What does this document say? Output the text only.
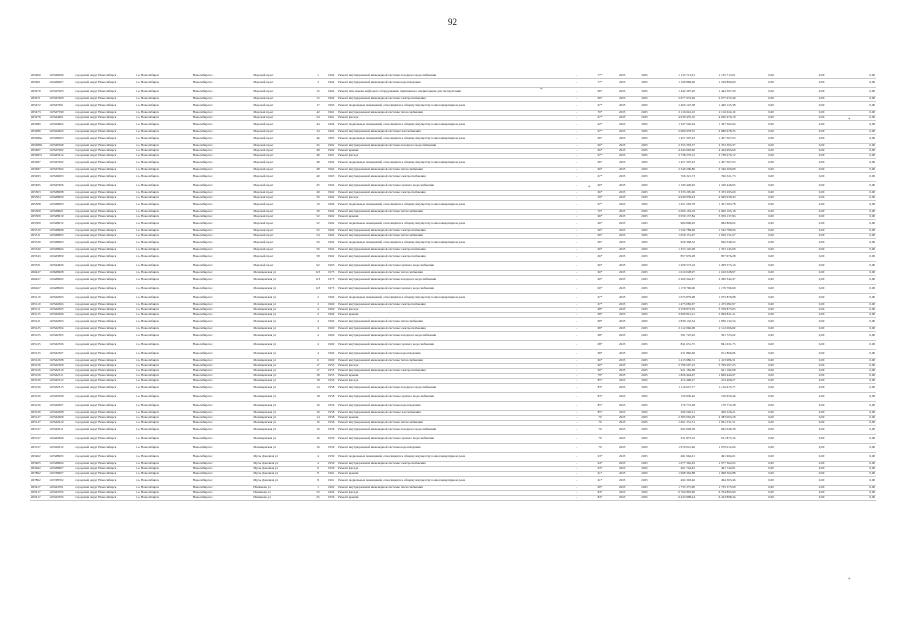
92
#05460	1105#6006	городской округ Новосибирск	г.о. Новосибирск	Новосибирск г.	Морской пр-кт	1	1964	Ремонт внутридомовой инженерной системы холодного водоснабжения	-	77*	2025	2025	1 135 713,01	1 135 713,01	0,00	0,00	0,00
#05461	1104#6007	городской округ Новосибирск	г.о. Новосибирск	Новосибирск г.	Морской пр-кт	3	1964	Ремонт внутридомовой инженерной системы водоотведения	-	77*	2025	2025	1 109 899,60	1 109 899,60	0,00	0,00	0,00
#05470	1105#7603	городской округ Новосибирск	г.о. Новосибирск	Новосибирск г.	Морской пр-кт	12	1962	Ремонт или замена лифтового оборудования, признанного непригодным для эксплуатации	-	66*	2025	2025	1 442 397,20	1 442 397,20	0,00	0,00	0,00
#05471	1105#7600	городской округ Новосибирск	г.о. Новосибирск	Новосибирск г.	Морской пр-кт	15	1962	Ремонт внутридомовой инженерной системы электроснабжения	-	66*	2025	2025	2 077 972,49	2 077 972,49	0,00	0,00	0,00
#05472	1105#7601	городской округ Новосибирск	г.о. Новосибирск	Новосибирск г.	Морской пр-кт	17	1963	Ремонт подвальных помещений, относящихся к общему имуществу в многоквартирном доме	-	67*	2025	2025	1 460 125,38	1 460 125,38	0,00	0,00	0,00
#05473	1105#7599	городской округ Новосибирск	г.о. Новосибирск	Новосибирск г.	Морской пр-кт	42	1961	Ремонт внутридомовой инженерной системы теплоснабжения	-	70*	2025	2025	2 116 624,10	2 116 624,10	0,00	0,00	0,00
#05478	1105#4601	городской округ Новосибирск	г.о. Новосибирск	Новосибирск г.	Морской пр-кт	24	1961	Ремонт фасада	-	67*	2025	2025	4 030 470,10	4 030 470,10	0,00	0,00	0,00
#05480	1105#4602	городской округ Новосибирск	г.о. Новосибирск	Новосибирск г.	Морской пр-кт	44	1964	Ремонт подвальных помещений, относящихся к общему имуществу в многоквартирном доме	-	62*	2025	2025	1 347 562,04	1 347 562,04	0,00	0,00	0,00
#05486	1105#4603	городской округ Новосибирск	г.о. Новосибирск	Новосибирск г.	Морской пр-кт	34	1962	Ремонт внутридомовой инженерной системы газоснабжения	-	67*	2025	2025	2 080 978,35	2 080 978,35	0,00	0,00	0,00
#05486а	1105#6003	городской округ Новосибирск	г.о. Новосибирск	Новосибирск г.	Морской пр-кт	46	1963	Ремонт подвальных помещений, относящихся к общему имуществу в многоквартирном доме	-	66*	2025	2025	1 457 307,03	1 457 307,03	0,00	0,00	0,00
#05486б	1105#6599	городской округ Новосибирск	г.о. Новосибирск	Новосибирск г.	Морской пр-кт	45	1962	Ремонт внутридомовой инженерной системы холодного водоснабжения	-	66*	2025	2025	2 353 303,37	2 353 303,37	0,00	0,00	0,00
#05487	1105#7602	городской округ Новосибирск	г.о. Новосибирск	Новосибирск г.	Морской пр-кт	48	1962	Ремонт крыши	-	66*	2025	2025	4 444 993,60	4 444 993,60	0,00	0,00	0,00
#05487а	1104#5614	городской округ Новосибирск	г.о. Новосибирск	Новосибирск г.	Морской пр-кт	49	1961	Ремонт фасада	-	67*	2025	2025	3 738 276,12	3 738 276,12	0,00	0,00	0,00
#05487	1105#7602	городской округ Новосибирск	г.о. Новосибирск	Новосибирск г.	Морской пр-кт	48	1962	Ремонт подвальных помещений, относящихся к общему имуществу в многоквартирном доме	-	66*	2025	2025	1 457 307,03	1 457 307,03	0,00	0,00	0,00
#05487	1105#7604	городской округ Новосибирск	г.о. Новосибирск	Новосибирск г.	Морской пр-кт	48	1962	Ремонт внутридомовой инженерной системы теплоснабжения	-	66*	2025	2025	2 540 206,89	2 540 206,89	0,00	0,00	0,00
#05493	1105#6003	городской округ Новосибирск	г.о. Новосибирск	Новосибирск г.	Морской пр-кт	49	1963	Ремонт внутридомовой инженерной системы электроснабжения	-	67*	2025	2025	766 321,73	766 321,73	0,00	0,00	0,00
#05495	1105#7606	городской округ Новосибирск	г.о. Новосибирск	Новосибирск г.	Морской пр-кт	45	1962	Ремонт внутридомовой инженерной системы горячего водоснабжения	-	66*	2025	2025	1 190 449,65	1 190 449,65	0,00	0,00	0,00
#05503	1105#8008	городской округ Новосибирск	г.о. Новосибирск	Новосибирск г.	Морской пр-кт	49	1962	Ремонт внутридомовой инженерной системы электроснабжения	-	66*	2025	2025	3 333 295,60	3 333 295,60	0,00	0,00	0,00
#05504	1104#8000	городской округ Новосибирск	г.о. Новосибирск	Новосибирск г.	Морской пр-кт	50	1962	Ремонт фасада	-	59*	2025	2025	4 949 939,43	4 949 939,43	0,00	0,00	0,00
#05508	1105#8603	городской округ Новосибирск	г.о. Новосибирск	Новосибирск г.	Морской пр-кт	10	1960	Ремонт подвальных помещений, относящихся к общему имуществу в многоквартирном доме	-	67*	2025	2025	1 451 593,78	1 451 593,78	0,00	0,00	0,00
#05509	1105#8001	городской округ Новосибирск	г.о. Новосибирск	Новосибирск г.	Морской пр-кт	30	1962	Ремонт внутридомовой инженерной системы теплоснабжения	-	70*	2025	2025	2 006 163,18	2 006 163,18	0,00	0,00	0,00
#05509	1105#8010	городской округ Новосибирск	г.о. Новосибирск	Новосибирск г.	Морской пр-кт	52	1962	Ремонт крыши	-	66*	2025	2025	3 059 137,84	3 059 137,84	0,00	0,00	0,00
#05509	1105#8012	городской округ Новосибирск	г.о. Новосибирск	Новосибирск г.	Морской пр-кт	52	1962	Ремонт подвальных помещений, относящихся к общему имуществу в многоквартирном доме	-	66*	2025	2025	984 806,02	984 806,02	0,00	0,00	0,00
#05510	1105#8608	городской округ Новосибирск	г.о. Новосибирск	Новосибирск г.	Морской пр-кт	52	1962	Ремонт внутридомовой инженерной системы электроснабжения	-	66*	2025	2025	1 542 789,66	1 542 789,66	0,00	0,00	0,00
#05511	1105#8605	городской округ Новосибирск	г.о. Новосибирск	Новосибирск г.	Морской пр-кт	54	1962	Ремонт внутридомовой инженерной системы теплоснабжения	-	66*	2025	2025	1 059 131,67	1 059 131,67	0,00	0,00	0,00
#05530	1105#8603	городской округ Новосибирск	г.о. Новосибирск	Новосибирск г.	Морской пр-кт	56	1962	Ремонт подвальных помещений, относящихся к общему имуществу в многоквартирном доме	-	66*	2025	2025	926 348,52	926 348,52	0,00	0,00	0,00
#05540	1105#8604	городской округ Новосибирск	г.о. Новосибирск	Новосибирск г.	Морской пр-кт	56	1962	Ремонт внутридомовой инженерной системы электроснабжения	-	66*	2025	2025	1 353 145,09	1 353 145,09	0,00	0,00	0,00
#05543	1104#3800	городской округ Новосибирск	г.о. Новосибирск	Новосибирск г.	Морской пр-кт	58	1962	Ремонт внутридомовой инженерной системы электроснабжения	-	66*	2025	2025	857 976,28	857 976,28	0,00	0,00	0,00
#05551	1105#4606	городской округ Новосибирск	г.о. Новосибирск	Новосибирск г.	Морской пр-кт	62	1963	Ремонт внутридомовой инженерной системы горячего водоснабжения	-	66*	2025	2025	1 209 573,16	1 209 573,16	0,00	0,00	0,00
#06427	1106#8608	городской округ Новосибирск	г.о. Новосибирск	Новосибирск г.	Мочищенская ул	6/3	1975	Ремонт внутридомовой инженерной системы теплоснабжения	-	60*	2025	2025	1 610 028,97	1 610 028,97	0,00	0,00	0,00
#06427	1104#8602	городской округ Новосибирск	г.о. Новосибирск	Новосибирск г.	Мочищенская ул	6/3	1975	Ремонт внутридомовой инженерной системы холодного водоснабжения	-	60*	2025	2025	2 260 342,47	2 260 342,47	0,00	0,00	0,00
#06427	1104#8606	городской округ Новосибирск	г.о. Новосибирск	Новосибирск г.	Мочищенская ул	6/3	1975	Ремонт внутридомовой инженерной системы горячего водоснабжения	-	60*	2025	2025	1 179 796,90	1 179 796,90	0,00	0,00	0,00
#05110	1105#2603	городской округ Новосибирск	г.о. Новосибирск	Новосибирск г.	Мочищенская ул	2	1960	Ремонт подвальных помещений, относящихся к общему имуществу в многоквартирном доме	-	67*	2025	2025	1 075 879,98	1 075 879,98	0,00	0,00	0,00
#05110	1105#2604	городской округ Новосибирск	г.о. Новосибирск	Новосибирск г.	Мочищенская ул	2	1960	Ремонт внутридомовой инженерной системы электроснабжения	-	67*	2025	2025	1 475 082,97	1 475 082,97	0,00	0,00	0,00
#05111	1105#2605	городской округ Новосибирск	г.о. Новосибирск	Новосибирск г.	Мочищенская ул	4	1960	Ремонт фасада	-	68*	2025	2025	3 558 873,05	3 558 873,05	0,00	0,00	0,00
#05115	1105#2606	городской округ Новосибирск	г.о. Новосибирск	Новосибирск г.	Мочищенская ул	4	1960	Ремонт крыши	-	68*	2025	2025	3 099 821,21	3 099 821,21	0,00	0,00	0,00
#05121	1105#2603	городской округ Новосибирск	г.о. Новосибирск	Новосибирск г.	Мочищенская ул	4	1960	Ремонт внутридомовой инженерной системы теплоснабжения	-	68*	2025	2025	1 839 132,54	1 839 132,54	0,00	0,00	0,00
#05125	1105#2304	городской округ Новосибирск	г.о. Новосибирск	Новосибирск г.	Мочищенская ул	4	1960	Ремонт внутридомовой инженерной системы электроснабжения	-	68*	2025	2025	2 112 066,09	2 112 066,09	0,00	0,00	0,00
#05125	1105#2305	городской округ Новосибирск	г.о. Новосибирск	Новосибирск г.	Мочищенская ул	4	1960	Ремонт внутридомовой инженерной системы холодного водоснабжения	-	68*	2025	2025	591 725,02	591 725,02	0,00	0,00	0,00
#05125	1105#2306	городской округ Новосибирск	г.о. Новосибирск	Новосибирск г.	Мочищенская ул	4	1960	Ремонт внутридомовой инженерной системы горячего водоснабжения	-	68*	2025	2025	841 631,75	841 631,75	0,00	0,00	0,00
#05125	1105#2307	городской округ Новосибирск	г.о. Новосибирск	Новосибирск г.	Мочищенская ул	4	1960	Ремонт внутридомовой инженерной системы водоотведения	-	68*	2025	2025	911 806,06	911 806,06	0,00	0,00	0,00
#05126	1105#2308	городской округ Новосибирск	г.о. Новосибирск	Новосибирск г.	Мочищенская ул	6	1960	Ремонт внутридомовой инженерной системы теплоснабжения	-	66*	2025	2025	1 413 986,31	1 413 986,31	0,00	0,00	0,00
#05126	1105#2309	городской округ Новосибирск	г.о. Новосибирск	Новосибирск г.	Мочищенская ул	17	1955	Ремонт фасада	-	90*	2025	2025	5 799 297,23	5 799 297,23	0,00	0,00	0,00
#05126	1105#2310	городской округ Новосибирск	г.о. Новосибирск	Новосибирск г.	Мочищенская ул	17	1955	Ремонт внутридомовой инженерной системы электроснабжения	-	90*	2025	2025	921 182,68	921 182,68	0,00	0,00	0,00
#05126	1105#2311	городской округ Новосибирск	г.о. Новосибирск	Новосибирск г.	Мочищенская ул	18	1955	Ремонт крыши	-	79*	2025	2025	1 829 444,97	1 829 444,97	0,00	0,00	0,00
#05126	1105#2312	городской округ Новосибирск	г.о. Новосибирск	Новосибирск г.	Мочищенская ул	18	1956	Ремонт фасада	-	85*	2025	2025	474 468,27	474 468,27	0,00	0,00	0,00
#05126	1105#2313	городской округ Новосибирск	г.о. Новосибирск	Новосибирск г.	Мочищенская ул	14	1958	Ремонт внутридомовой инженерной системы холодного водоснабжения	-	83*	2025	2025	1 116 615,77	1 116 615,77	0,00	0,00	0,00
#05126	1105#2309	городской округ Новосибирск	г.о. Новосибирск	Новосибирск г.	Мочищенская ул	18	1958	Ремонт внутридомовой инженерной системы горячего водоснабжения	-	83*	2025	2025	150 950,46	150 950,46	0,00	0,00	0,00
#05126	1105#2607	городской округ Новосибирск	г.о. Новосибирск	Новосибирск г.	Мочищенская ул	16	1956	Ремонт внутридомовой инженерной системы водоотведения	-	85*	2025	2025	176 772,28	176 772,28	0,00	0,00	0,00
#05126	1105#2608	городской округ Новосибирск	г.о. Новосибирск	Новосибирск г.	Мочищенская ул	16	1958	Ремонт внутридомовой инженерной системы газоснабжения	-	85*	2025	2025	266 526,21	266 526,21	0,00	0,00	0,00
#05127	1105#2609	городской округ Новосибирск	г.о. Новосибирск	Новосибирск г.	Мочищенская ул	14	1958	Ремонт крыши	-	70	2025	2025	2 383 063,29	2 383 063,29	0,00	0,00	0,00
#05127	1105#2610	городской округ Новосибирск	г.о. Новосибирск	Новосибирск г.	Мочищенская ул	16	1959	Ремонт внутридомовой инженерной системы теплоснабжения	-	70	2025	2025	1 061 331,51	1 061 331,51	0,00	0,00	0,00
#05127	1105#2611	городской округ Новосибирск	г.о. Новосибирск	Новосибирск г.	Мочищенская ул	16	1959	Ремонт внутридомовой инженерной системы холодного водоснабжения	-	70	2025	2025	662 049,39	662 049,39	0,00	0,00	0,00
#05127	1104#2606	городской округ Новосибирск	г.о. Новосибирск	Новосибирск г.	Мочищенская ул	16	1959	Ремонт внутридомовой инженерной системы горячего водоснабжения	-	70	2025	2025	911 873,16	911 873,16	0,00	0,00	0,00
#05127	1105#2612	городской округ Новосибирск	г.о. Новосибирск	Новосибирск г.	Мочищенская ул	16	1959	Ремонт внутридомовой инженерной системы водоотведения	-	70	2025	2025	1 079 012,66	1 079 012,66	0,00	0,00	0,00
#05402	1105#8605	городской округ Новосибирск	г.о. Новосибирск	Новосибирск г.	Мусы Джалиля ул	4	1959	Ремонт подвальных помещений, относящихся к общему имуществу в многоквартирном доме	-	63*	2025	2025	491 964,01	491 964,01	0,00	0,00	0,00
#05405	1105#8604	городской округ Новосибирск	г.о. Новосибирск	Новосибирск г.	Мусы Джалиля ул	4	1959	Ремонт внутридомовой инженерной системы электроснабжения	-	64*	2025	2025	1 077 362,65	1 077 362,65	0,00	0,00	0,00
#05492	1105#8607	городской округ Новосибирск	г.о. Новосибирск	Новосибирск г.	Мусы Джалиля ул	6	1959	Ремонт фасада	-	63*	2025	2025	461 744,81	461 744,81	0,00	0,00	0,00
#07862	1107#8607	городской округ Новосибирск	г.о. Новосибирск	Новосибирск г.	Мусы Джалиля ул	8	1961	Ремонт крыши	-	61*	2025	2025	1 998 362,88	1 998 362,88	0,00	0,00	0,00
#07862	1107#8702	городской округ Новосибирск	г.о. Новосибирск	Новосибирск г.	Мусы Джалиля ул	8	1961	Ремонт подвальных помещений, относящихся к общему имуществу в многоквартирном доме	-	61*	2025	2025	494 303,46	494 303,46	0,00	0,00	0,00
#05417	1105#4701	городской округ Новосибирск	г.о. Новосибирск	Новосибирск г.	Нахимова ул	1	1962	Ремонт внутридомовой инженерной системы теплоснабжения	-	60*	2025	2025	1 735 375,90	1 735 375,90	0,00	0,00	0,00
#05417	1105#4702	городской округ Новосибирск	г.о. Новосибирск	Новосибирск г.	Нахимова ул	23	1964	Ремонт фасада	-	84*	2025	2025	6 704 893,60	6 704 893,60	0,00	0,00	0,00
#05417	1105#4703	городской округ Новосибирск	г.о. Новосибирск	Новосибирск г.	Нахимова ул	25	1959	Ремонт крыши	-	84*	2025	2025	6 243 898,44	6 243 898,44	0,00	0,00	0,00
*
*
*
*
